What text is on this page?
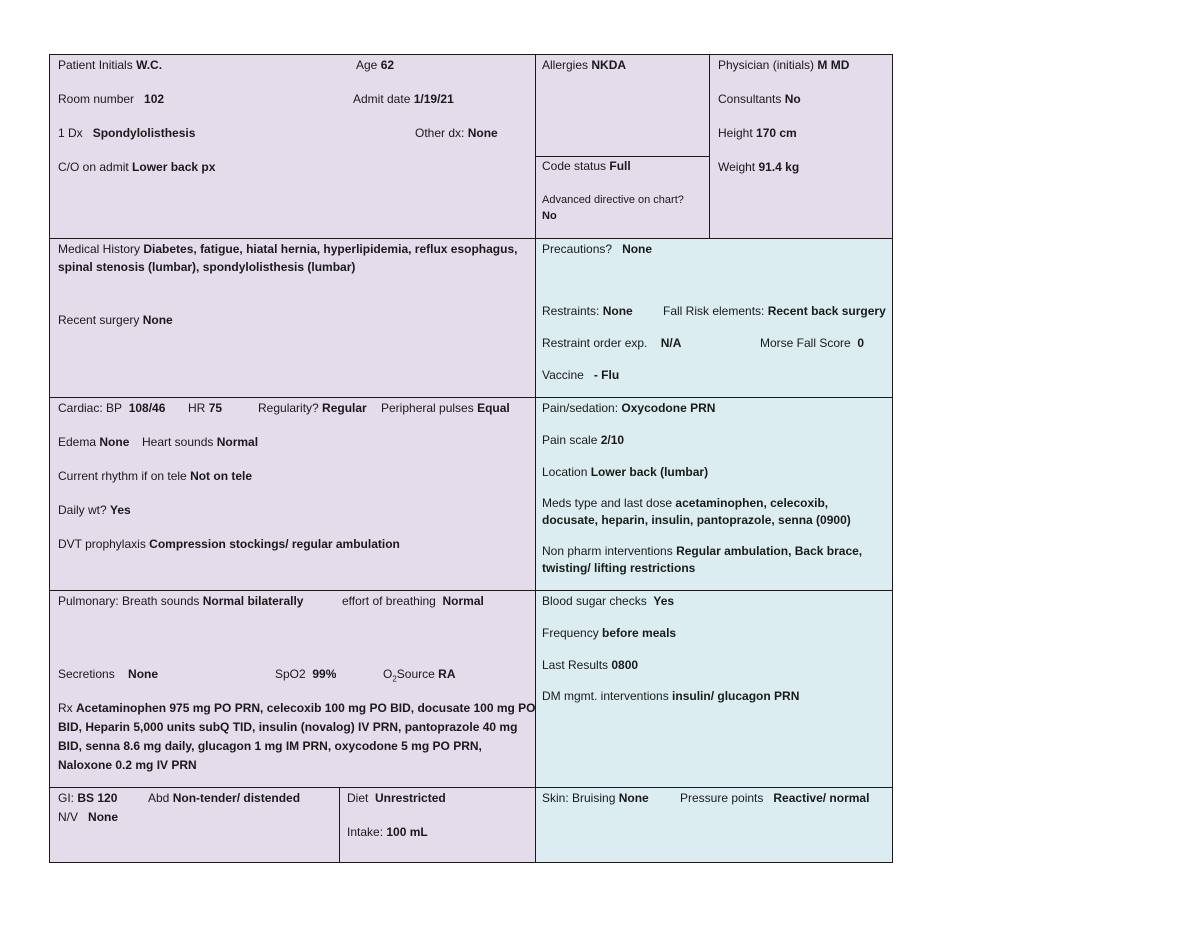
Patient Initials W.C.	Age 62
Room number 102	Admit date 1/19/21
1 Dx Spondylolisthesis	Other dx: None
C/O on admit Lower back px
Allergies NKDA
Code status Full
Advanced directive on chart?
No
Physician (initials) M MD
Consultants No
Height 170 cm
Weight 91.4 kg
Medical History Diabetes, fatigue, hiatal hernia, hyperlipidemia, reflux esophagus,
spinal stenosis (lumbar), spondylolisthesis (lumbar)
Recent surgery None
Precautions? None
Restraints: None	Fall Risk elements: Recent back surgery
Restraint order exp. N/A	Morse Fall Score 0
Vaccine - Flu
Cardiac: BP 108/46 HR 75	Regularity? Regular Peripheral pulses Equal
Edema None Heart sounds Normal
Current rhythm if on tele Not on tele
Daily wt? Yes
DVT prophylaxis Compression stockings/ regular ambulation
Pain/sedation: Oxycodone PRN
Pain scale 2/10
Location Lower back (lumbar)
Meds type and last dose acetaminophen, celecoxib,
docusate, heparin, insulin, pantoprazole, senna (0900)
Non pharm interventions Regular ambulation, Back brace,
twisting/ lifting restrictions
Pulmonary: Breath sounds Normal bilaterally	effort of breathing Normal
Secretions None	SpO2 99%	$O_2Source$ RA
Rx Acetaminophen 975 mg PO PRN, celecoxib 100 mg PO BID, docusate 100 mg PO
BID, Heparin 5,000 units subQ TID, insulin (novalog) IV PRN, pantoprazole 40 mg
BID, senna 8.6 mg daily, glucagon 1 mg IM PRN, oxycodone 5 mg PO PRN,
Naloxone 0.2 mg IV PRN
Blood sugar checks Yes
Frequency before meals
Last Results 0800
DM mgmt. interventions insulin/ glucagon PRN
GI: BS 120	Abd Non-tender/ distended
N/V None
Diet Unrestricted
Intake: 100 mL
Skin: Bruising None	Pressure points Reactive/ normal
